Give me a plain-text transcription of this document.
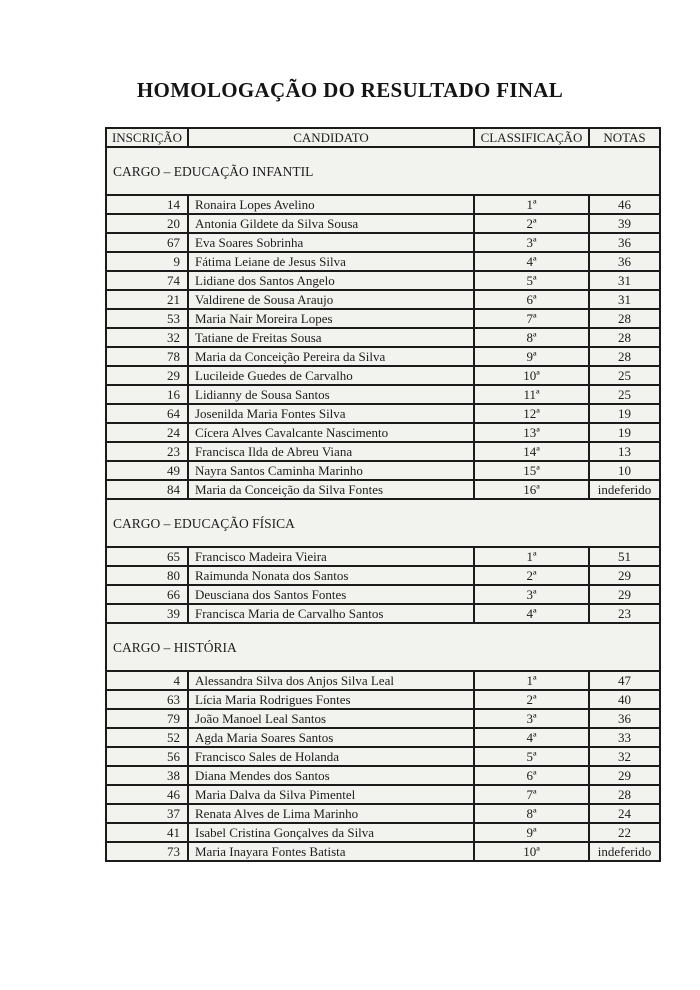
HOMOLOGAÇÃO DO RESULTADO FINAL
INSCRIÇÃO	CANDIDATO	CLASSIFICAÇÃO	NOTAS
CARGO – EDUCAÇÃO INFANTIL			
14	Ronaira Lopes Avelino	1ª	46
20	Antonia Gildete da Silva Sousa	2ª	39
67	Eva Soares Sobrinha	3ª	36
9	Fátima Leiane de Jesus Silva	4ª	36
74	Lidiane dos Santos Angelo	5ª	31
21	Valdirene de Sousa Araujo	6ª	31
53	Maria Nair Moreira Lopes	7ª	28
32	Tatiane de Freitas Sousa	8ª	28
78	Maria da Conceição Pereira da Silva	9ª	28
29	Lucileide Guedes de Carvalho	10ª	25
16	Lidianny de Sousa Santos	11ª	25
64	Josenilda Maria Fontes Silva	12ª	19
24	Cícera Alves Cavalcante Nascimento	13ª	19
23	Francisca Ilda de Abreu Viana	14ª	13
49	Nayra Santos Caminha Marinho	15ª	10
84	Maria da Conceição da Silva Fontes	16ª	indeferido
CARGO – EDUCAÇÃO FÍSICA			
65	Francisco Madeira Vieira	1ª	51
80	Raimunda Nonata dos Santos	2ª	29
66	Deusciana dos Santos Fontes	3ª	29
39	Francisca Maria de Carvalho Santos	4ª	23
CARGO – HISTÓRIA			
4	Alessandra Silva dos Anjos Silva Leal	1ª	47
63	Lícia Maria Rodrigues Fontes	2ª	40
79	João Manoel Leal Santos	3ª	36
52	Agda Maria Soares Santos	4ª	33
56	Francisco Sales de Holanda	5ª	32
38	Diana Mendes dos Santos	6ª	29
46	Maria Dalva da Silva Pimentel	7ª	28
37	Renata Alves de Lima Marinho	8ª	24
41	Isabel Cristina Gonçalves da Silva	9ª	22
73	Maria Inayara Fontes Batista	10ª	indeferido
